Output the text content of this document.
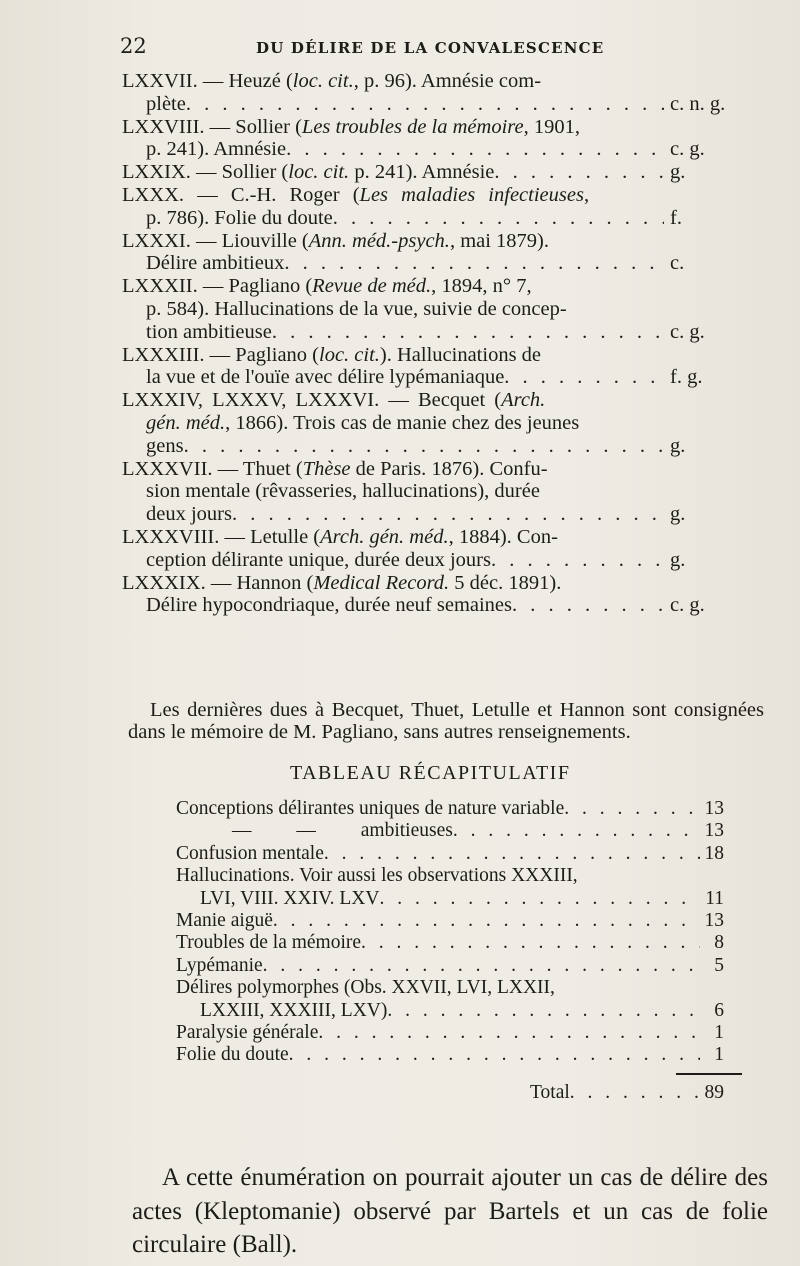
22	DU DÉLIRE DE LA CONVALESCENCE
LXXVII. — Heuzé (loc. cit., p. 96). Amnésie com-
plète . . .	c. n. g.
LXXVIII. — Sollier (Les troubles de la mémoire, 1901,
p. 241). Amnésie . . .	c. g.
LXXIX. — Sollier (loc. cit. p. 241). Amnésie . . .	g.
LXXX. — C.-H. Roger (Les maladies infectieuses,
p. 786). Folie du doute . . .	f.
LXXXI. — Liouville (Ann. méd.-psych., mai 1879).
Délire ambitieux . . .	c.
LXXXII. — Pagliano (Revue de méd., 1894, n° 7,
p. 584). Hallucinations de la vue, suivie de concep-
tion ambitieuse . . .	c. g.
LXXXIII. — Pagliano (loc. cit.). Hallucinations de
la vue et de l'ouïe avec délire lypémaniaque . . .	f. g.
LXXXIV, LXXXV, LXXXVI. — Becquet (Arch.
gén. méd., 1866). Trois cas de manie chez des jeunes
gens . . .	g.
LXXXVII. — Thuet (Thèse de Paris. 1876). Confu-
sion mentale (rêvasseries, hallucinations), durée
deux jours . . .	g.
LXXXVIII. — Letulle (Arch. gén. méd., 1884). Con-
ception délirante unique, durée deux jours . . .	g.
LXXXIX. — Hannon (Medical Record. 5 déc. 1891).
Délire hypocondriaque, durée neuf semaines . . .	c. g.

Les dernières dues à Becquet, Thuet, Letulle et Hannon sont consignées dans le mémoire de M. Pagliano, sans autres renseignements.

TABLEAU RÉCAPITULATIF
Conceptions délirantes uniques de nature variable . . .	13
— — ambitieuses . . .	13
Confusion mentale . . .	18
Hallucinations. Voir aussi les observations XXXIII,
LVI, VIII. XXIV. LXV . . .	11
Manie aiguë . . .	13
Troubles de la mémoire . . .	8
Lypémanie . . .	5
Délires polymorphes (Obs. XXVII, LVI, LXXII,
LXXIII, XXXIII, LXV) . . .	6
Paralysie générale . . .	1
Folie du doute . . .	1
Total . . .	89

A cette énumération on pourrait ajouter un cas de délire des actes (Kleptomanie) observé par Bartels et un cas de folie circulaire (Ball).
